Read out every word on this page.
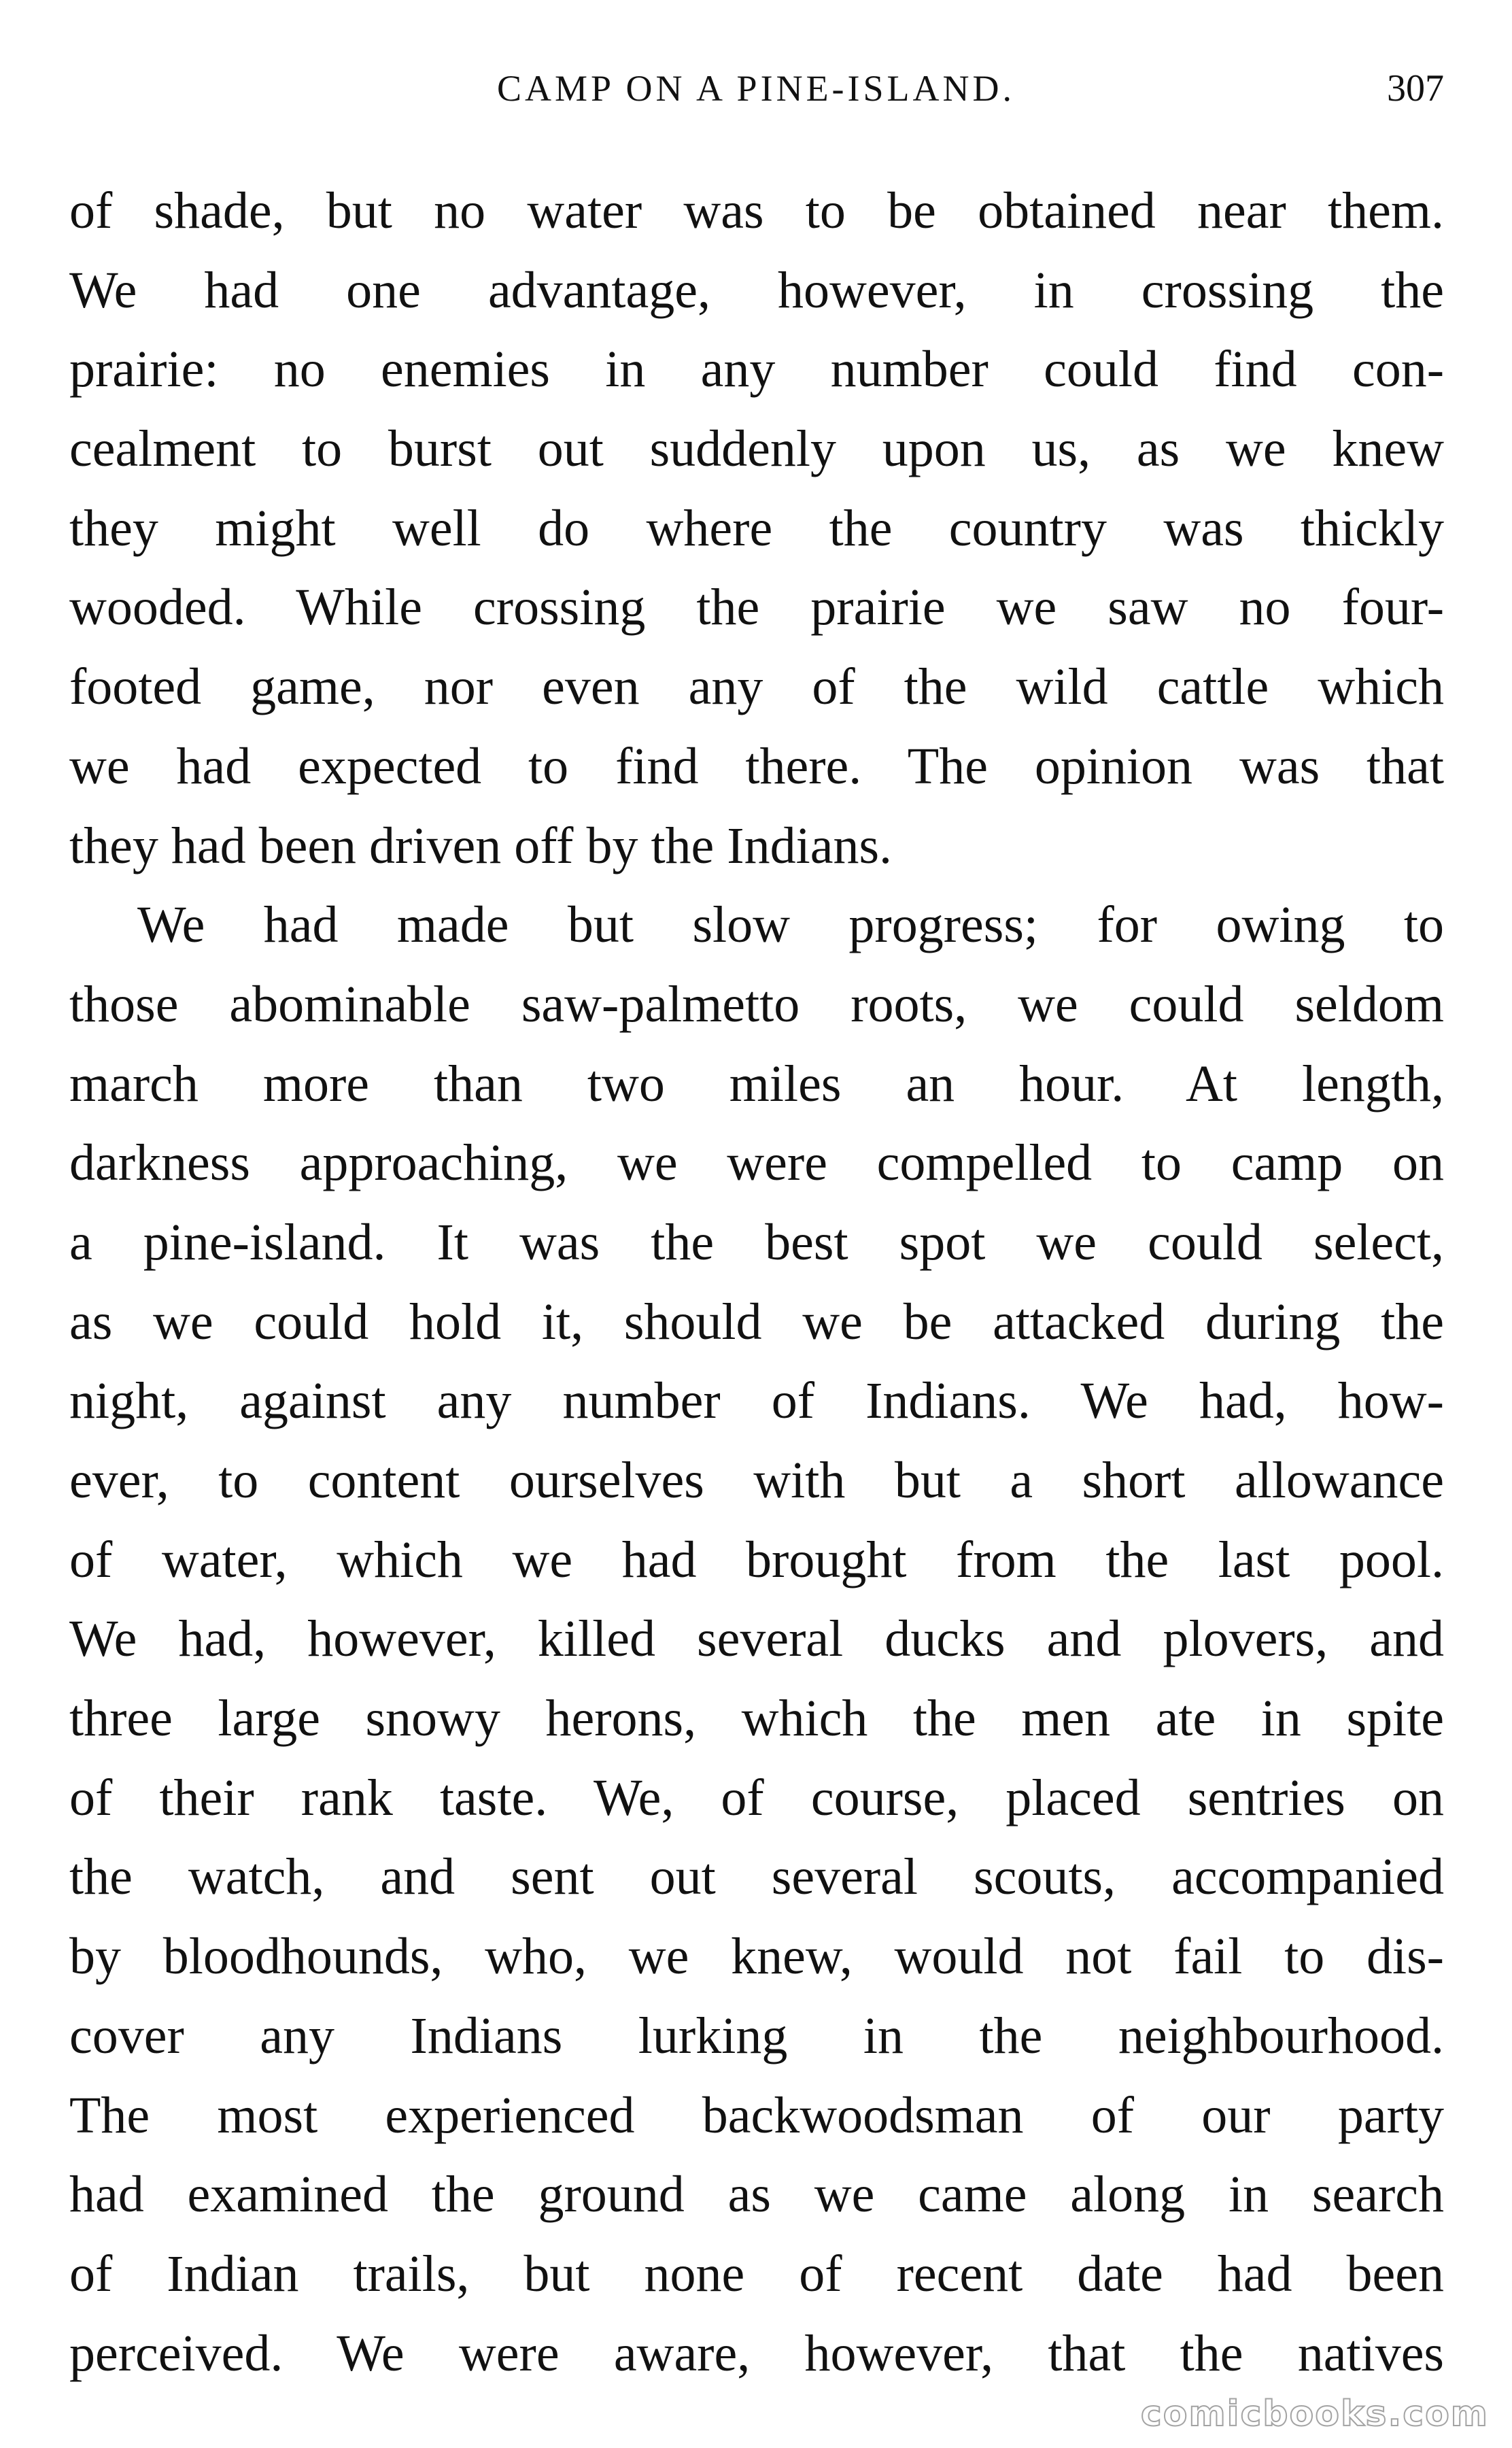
CAMP ON A PINE-ISLAND.	307
of shade, but no water was to be obtained near them.
We had one advantage, however, in crossing the
prairie: no enemies in any number could find con-
cealment to burst out suddenly upon us, as we knew
they might well do where the country was thickly
wooded. While crossing the prairie we saw no four-
footed game, nor even any of the wild cattle which
we had expected to find there. The opinion was that
they had been driven off by the Indians.
We had made but slow progress; for owing to
those abominable saw-palmetto roots, we could seldom
march more than two miles an hour. At length,
darkness approaching, we were compelled to camp on
a pine-island. It was the best spot we could select,
as we could hold it, should we be attacked during the
night, against any number of Indians. We had, how-
ever, to content ourselves with but a short allowance
of water, which we had brought from the last pool.
We had, however, killed several ducks and plovers, and
three large snowy herons, which the men ate in spite
of their rank taste. We, of course, placed sentries on
the watch, and sent out several scouts, accompanied
by bloodhounds, who, we knew, would not fail to dis-
cover any Indians lurking in the neighbourhood.
The most experienced backwoodsman of our party
had examined the ground as we came along in search
of Indian trails, but none of recent date had been
perceived. We were aware, however, that the natives
comicbooks.com
